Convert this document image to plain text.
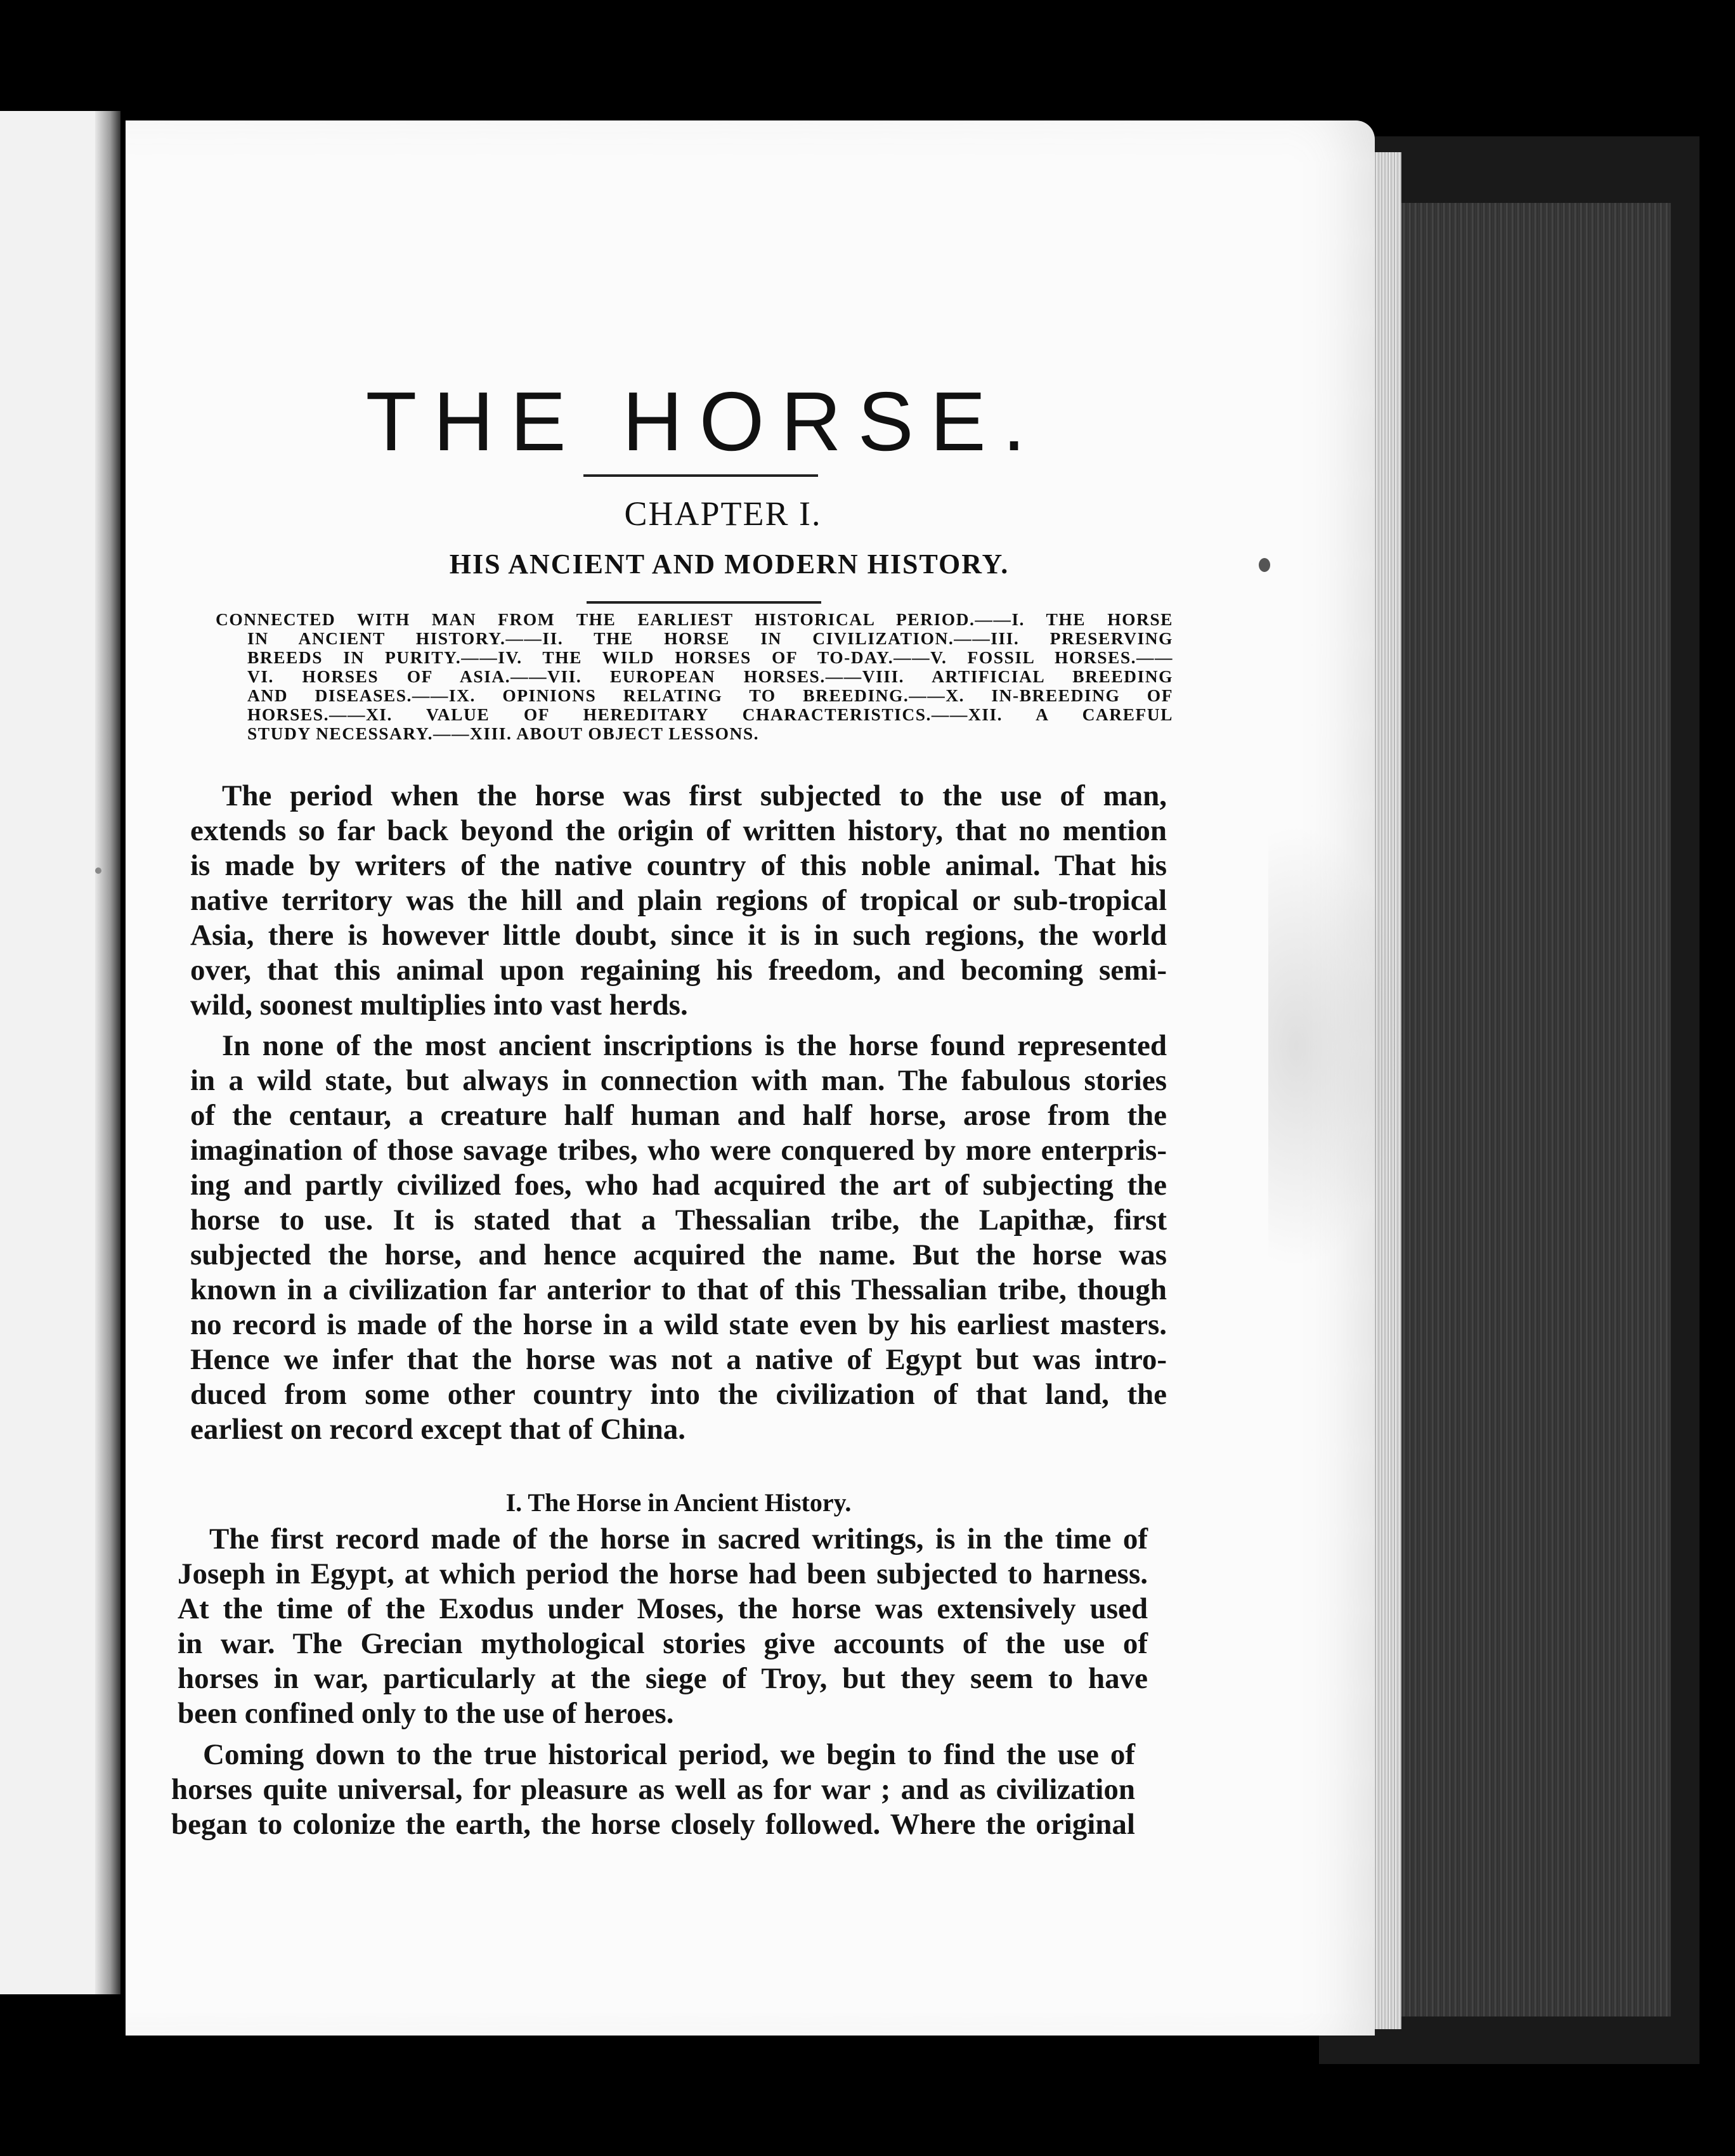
THE HORSE.
CHAPTER I.
HIS ANCIENT AND MODERN HISTORY.
CONNECTED WITH MAN FROM THE EARLIEST HISTORICAL PERIOD.——I. THE HORSE
IN ANCIENT HISTORY.——II. THE HORSE IN CIVILIZATION.——III. PRESERVING
BREEDS IN PURITY.——IV. THE WILD HORSES OF TO-DAY.——V. FOSSIL HORSES.——
VI. HORSES OF ASIA.——VII. EUROPEAN HORSES.——VIII. ARTIFICIAL BREEDING
AND DISEASES.——IX. OPINIONS RELATING TO BREEDING.——X. IN-BREEDING OF
HORSES.——XI. VALUE OF HEREDITARY CHARACTERISTICS.——XII. A CAREFUL
STUDY NECESSARY.——XIII. ABOUT OBJECT LESSONS.
The period when the horse was first subjected to the use of man,
extends so far back beyond the origin of written history, that no mention
is made by writers of the native country of this noble animal. That his
native territory was the hill and plain regions of tropical or sub-tropical
Asia, there is however little doubt, since it is in such regions, the world
over, that this animal upon regaining his freedom, and becoming semi-
wild, soonest multiplies into vast herds.
In none of the most ancient inscriptions is the horse found represented
in a wild state, but always in connection with man. The fabulous stories
of the centaur, a creature half human and half horse, arose from the
imagination of those savage tribes, who were conquered by more enterpris-
ing and partly civilized foes, who had acquired the art of subjecting the
horse to use. It is stated that a Thessalian tribe, the Lapithæ, first
subjected the horse, and hence acquired the name. But the horse was
known in a civilization far anterior to that of this Thessalian tribe, though
no record is made of the horse in a wild state even by his earliest masters.
Hence we infer that the horse was not a native of Egypt but was intro-
duced from some other country into the civilization of that land, the
earliest on record except that of China.
I. The Horse in Ancient History.
The first record made of the horse in sacred writings, is in the time of
Joseph in Egypt, at which period the horse had been subjected to harness.
At the time of the Exodus under Moses, the horse was extensively used
in war. The Grecian mythological stories give accounts of the use of
horses in war, particularly at the siege of Troy, but they seem to have
been confined only to the use of heroes.
Coming down to the true historical period, we begin to find the use of
horses quite universal, for pleasure as well as for war ; and as civilization
began to colonize the earth, the horse closely followed. Where the original
